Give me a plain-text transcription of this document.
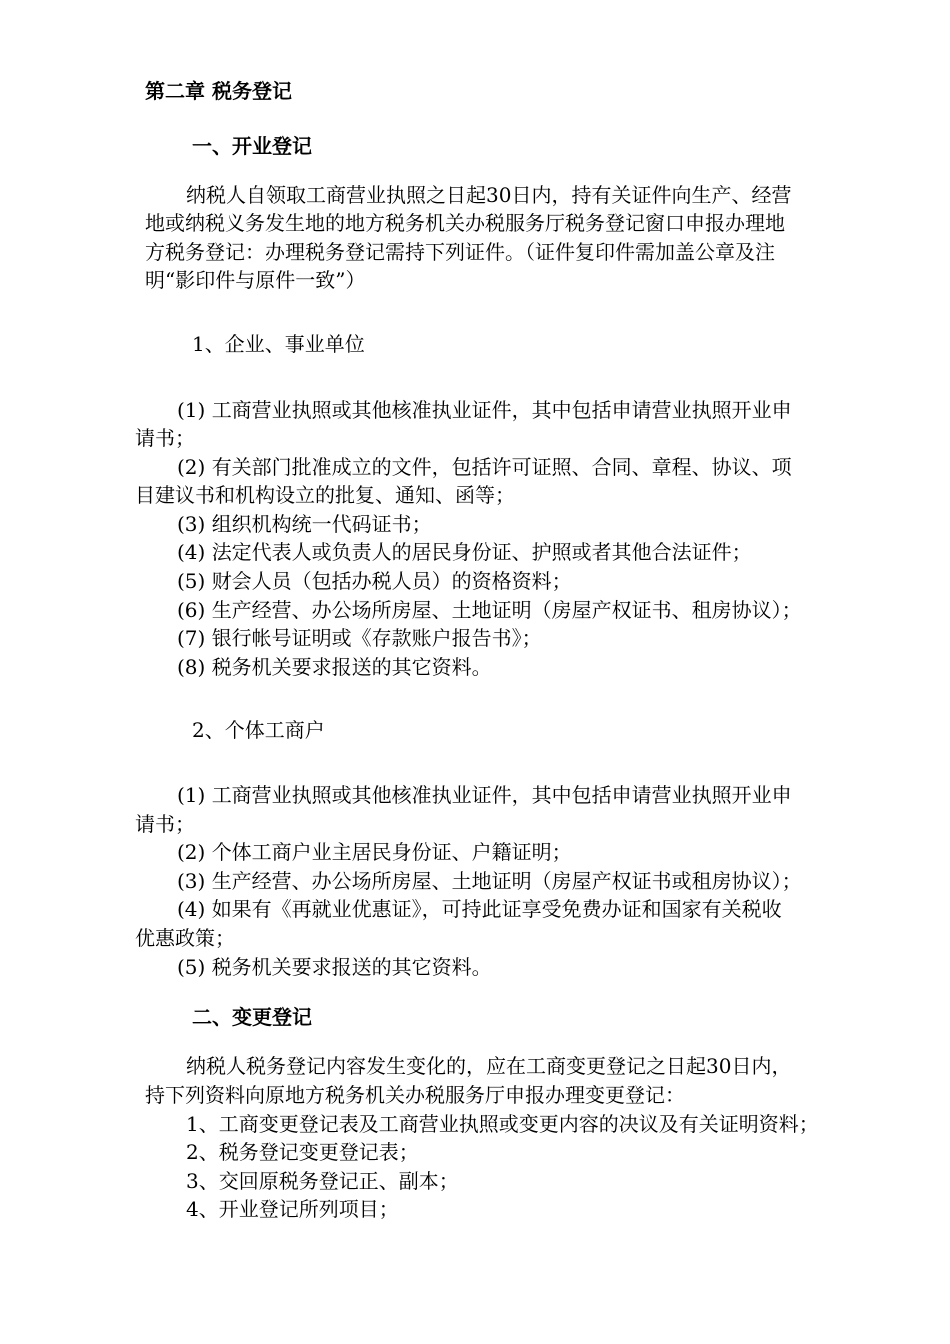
第二章 税务登记
一、开业登记
纳税人自领取工商营业执照之日起30日内，持有关证件向生产、经营
地或纳税义务发生地的地方税务机关办税服务厅税务登记窗口申报办理地
方税务登记：办理税务登记需持下列证件。（证件复印件需加盖公章及注
明“影印件与原件一致”）
1、企业、事业单位
(1) 工商营业执照或其他核准执业证件，其中包括申请营业执照开业申
请书；
(2) 有关部门批准成立的文件，包括许可证照、合同、章程、协议、项
目建议书和机构设立的批复、通知、函等；
(3) 组织机构统一代码证书；
(4) 法定代表人或负责人的居民身份证、护照或者其他合法证件；
(5) 财会人员（包括办税人员）的资格资料；
(6) 生产经营、办公场所房屋、土地证明（房屋产权证书、租房协议）；
(7) 银行帐号证明或《存款账户报告书》；
(8) 税务机关要求报送的其它资料。
2、个体工商户
(1) 工商营业执照或其他核准执业证件，其中包括申请营业执照开业申
请书；
(2) 个体工商户业主居民身份证、户籍证明；
(3) 生产经营、办公场所房屋、土地证明（房屋产权证书或租房协议）；
(4) 如果有《再就业优惠证》，可持此证享受免费办证和国家有关税收
优惠政策；
(5) 税务机关要求报送的其它资料。
二、变更登记
纳税人税务登记内容发生变化的，应在工商变更登记之日起30日内，
持下列资料向原地方税务机关办税服务厅申报办理变更登记：
1、工商变更登记表及工商营业执照或变更内容的决议及有关证明资料；
2、税务登记变更登记表；
3、交回原税务登记正、副本；
4、开业登记所列项目；
